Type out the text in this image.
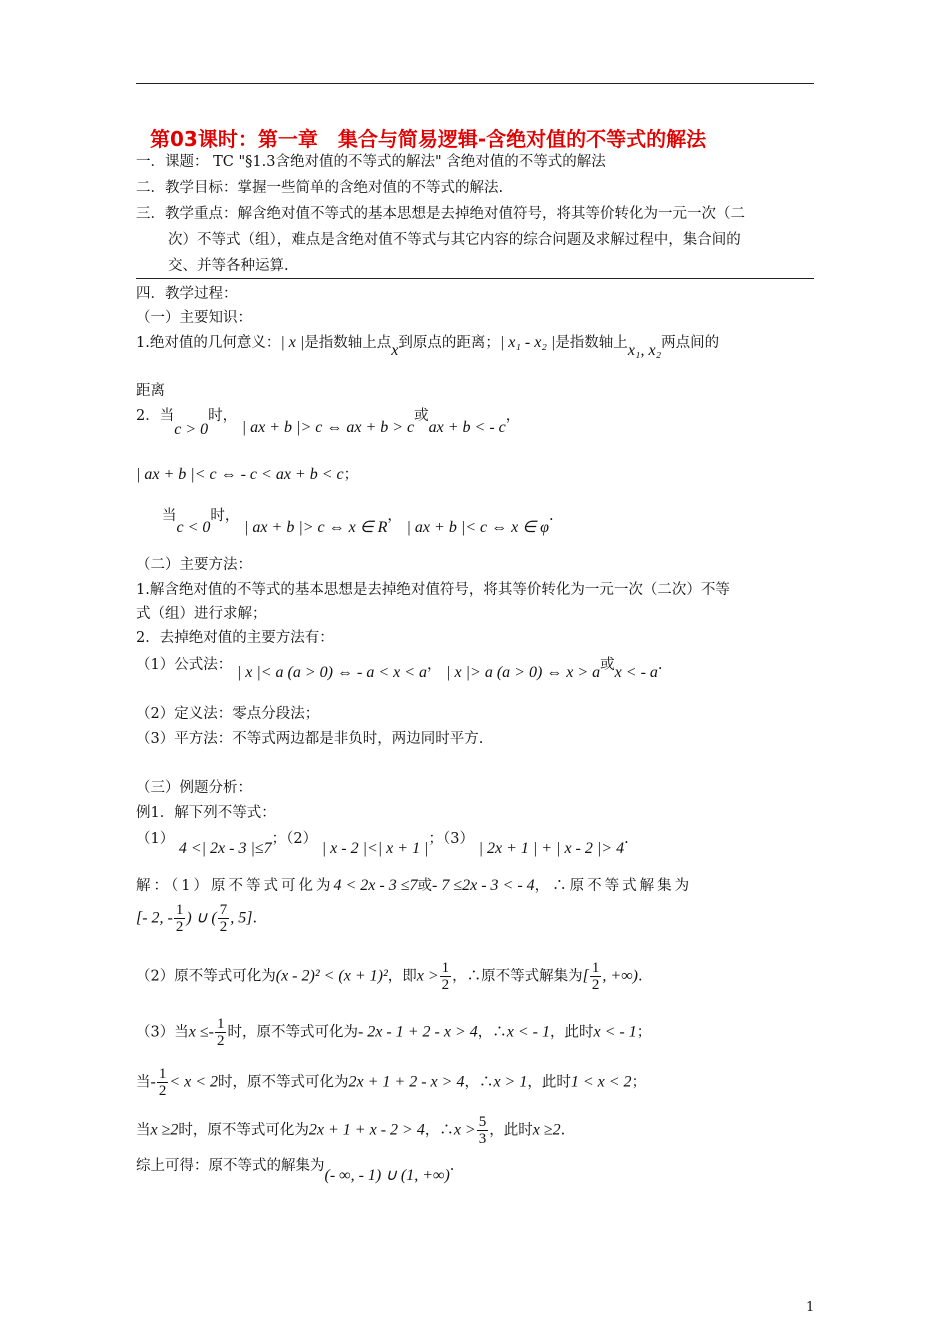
第03课时：第一章　集合与简易逻辑-含绝对值的不等式的解法
一．课题： TC "§1.3含绝对值的不等式的解法" 含绝对值的不等式的解法
二．教学目标：掌握一些简单的含绝对值的不等式的解法.
三．教学重点：解含绝对值不等式的基本思想是去掉绝对值符号，将其等价转化为一元一次（二
次）不等式（组），难点是含绝对值不等式与其它内容的综合问题及求解过程中，集合间的
交、并等各种运算.
四．教学过程：
（一）主要知识：
1.绝对值的几何意义：| x |是指数轴上点x到原点的距离；| x₁ - x₂ |是指数轴上x₁, x₂两点间的
距离
2．当c > 0时， | ax + b |> c ⇔ ax + b > c或ax + b < - c，
| ax + b |< c ⇔ - c < ax + b < c；
当c < 0时， | ax + b |> c ⇔ x ∈ R， | ax + b |< c ⇔ x ∈ φ.
（二）主要方法：
1.解含绝对值的不等式的基本思想是去掉绝对值符号，将其等价转化为一元一次（二次）不等
式（组）进行求解；
2．去掉绝对值的主要方法有：
（1）公式法： | x |< a (a > 0) ⇔ - a < x < a， | x |> a (a > 0) ⇔ x > a或x < - a.
（2）定义法：零点分段法；
（3）平方法：不等式两边都是非负时，两边同时平方.
（三）例题分析：
例1．解下列不等式：
（1） 4 <| 2x - 3 |≤7；（2） | x - 2 |<| x + 1 |；（3） | 2x + 1 | + | x - 2 |> 4.
解：（1）原不等式可化为4 < 2x - 3 ≤7或- 7 ≤2x - 3 < - 4，∴原不等式解集为
[- 2, - $\frac{1}{2}$ ) ∪ ( $\frac{7}{2}$ , 5].
（2）原不等式可化为(x - 2)² < (x + 1)²，即$x > \frac{1}{2}$ ，∴原不等式解集为[ $\frac{1}{2}$ , +∞).
（3）当$x \le- \frac{1}{2}$ 时，原不等式可化为- 2x - 1 + 2 - x > 4，∴x < - 1，此时x < - 1；
当- $\frac{1}{2} < x < 2$时，原不等式可化为2x + 1 + 2 - x > 4，∴x > 1，此时1 < x < 2；
当x ≥2时，原不等式可化为2x + 1 + x - 2 > 4，∴x > $\frac{5}{3}$ ，此时x ≥2.
综上可得：原不等式的解集为(- ∞, - 1) ∪ (1, +∞).
1
